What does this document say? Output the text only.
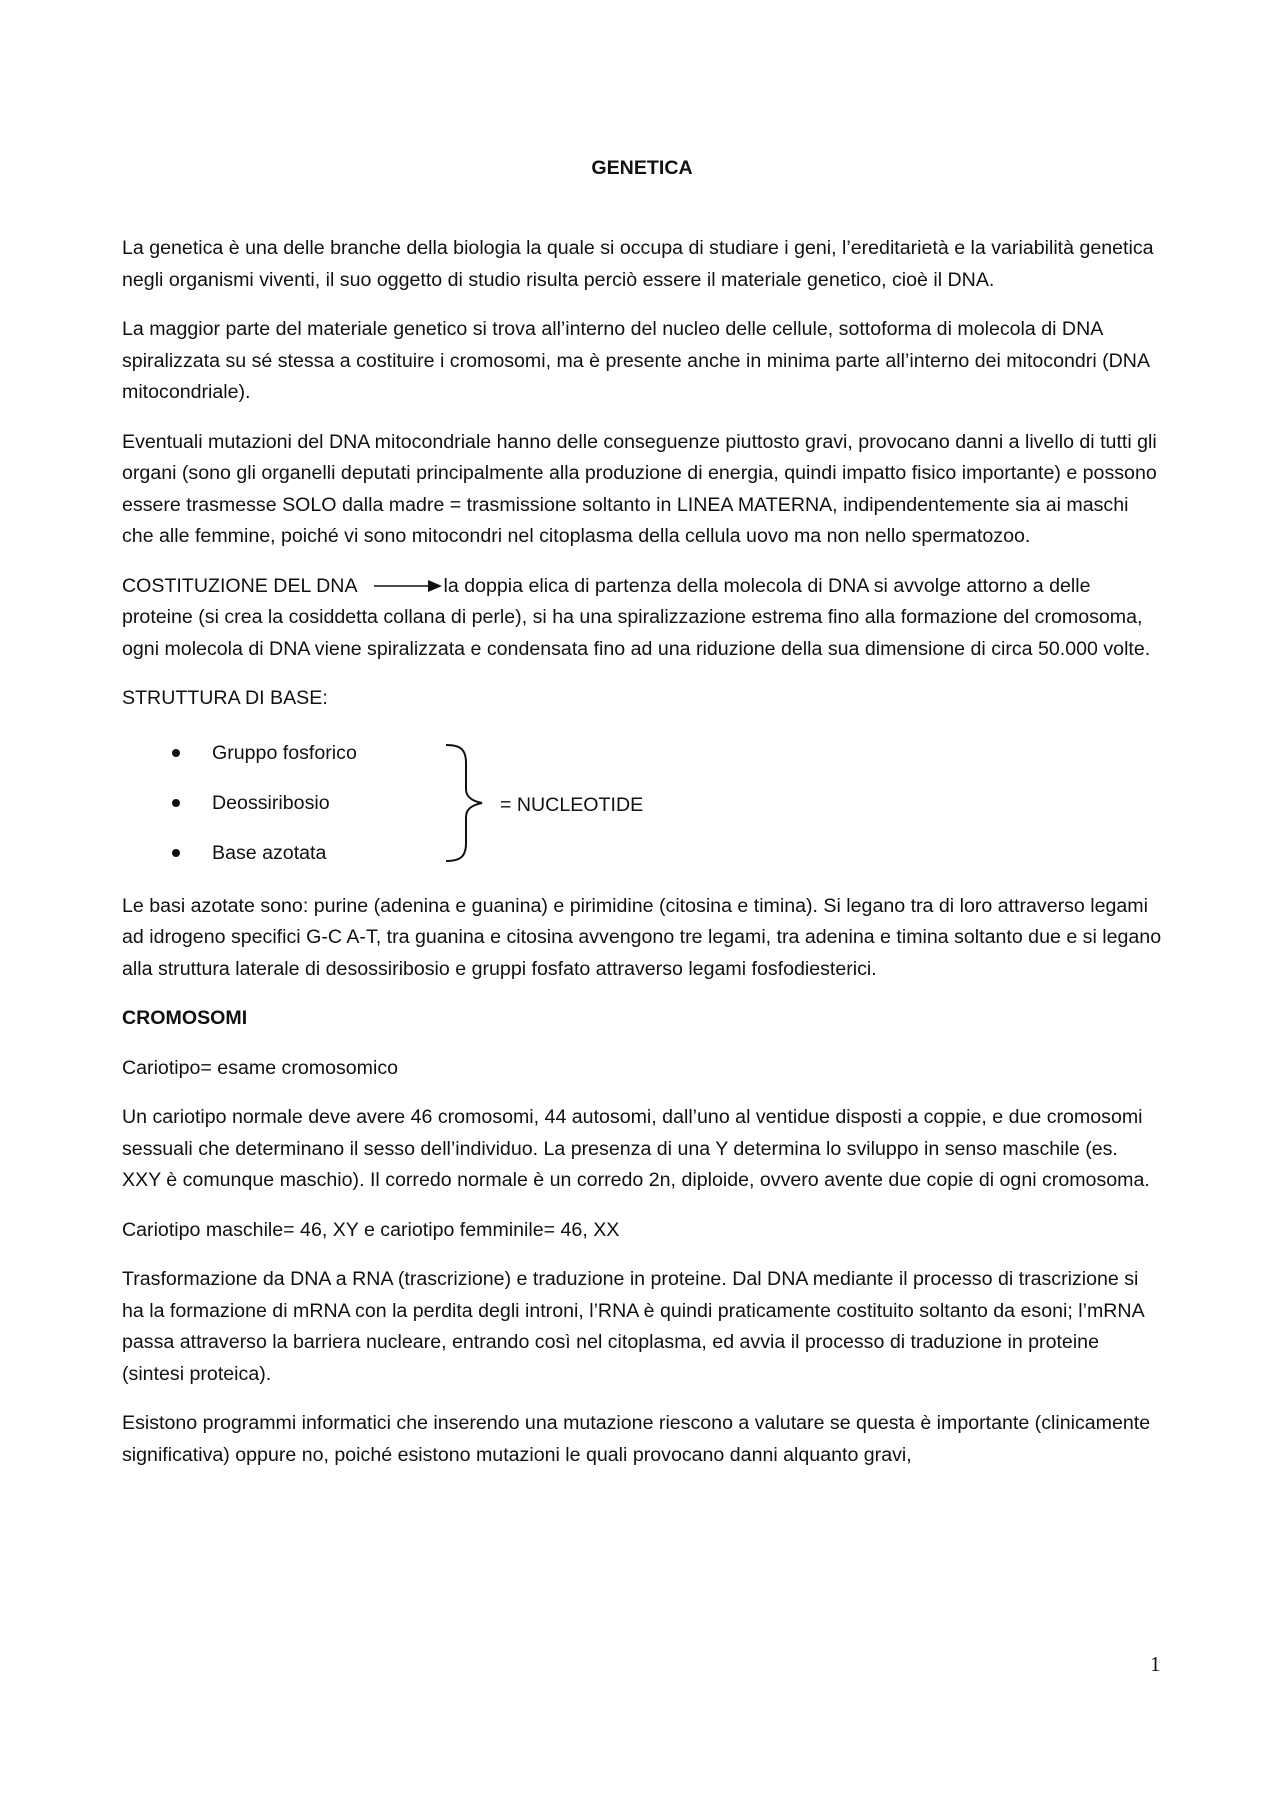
GENETICA

La genetica è una delle branche della biologia la quale si occupa di studiare i geni, l’ereditarietà e la variabilità genetica negli organismi viventi, il suo oggetto di studio risulta perciò essere il materiale genetico, cioè il DNA.

La maggior parte del materiale genetico si trova all’interno del nucleo delle cellule, sottoforma di molecola di DNA spiralizzata su sé stessa a costituire i cromosomi, ma è presente anche in minima parte all’interno dei mitocondri (DNA mitocondriale).

Eventuali mutazioni del DNA mitocondriale hanno delle conseguenze piuttosto gravi, provocano danni a livello di tutti gli organi (sono gli organelli deputati principalmente alla produzione di energia, quindi impatto fisico importante) e possono essere trasmesse SOLO dalla madre = trasmissione soltanto in LINEA MATERNA, indipendentemente sia ai maschi che alle femmine, poiché vi sono mitocondri nel citoplasma della cellula uovo ma non nello spermatozoo.

COSTITUZIONE DEL DNA	la doppia elica di partenza della molecola di DNA si avvolge attorno a delle proteine (si crea la cosiddetta collana di perle), si ha una spiralizzazione estrema fino alla formazione del cromosoma, ogni molecola di DNA viene spiralizzata e condensata fino ad una riduzione della sua dimensione di circa 50.000 volte.

STRUTTURA DI BASE:

Gruppo fosforico
Deossiribosio
Base azotata
= NUCLEOTIDE

Le basi azotate sono: purine (adenina e guanina) e pirimidine (citosina e timina). Si legano tra di loro attraverso legami ad idrogeno specifici G-C A-T, tra guanina e citosina avvengono tre legami, tra adenina e timina soltanto due e si legano alla struttura laterale di desossiribosio e gruppi fosfato attraverso legami fosfodiesterici.

CROMOSOMI

Cariotipo= esame cromosomico

Un cariotipo normale deve avere 46 cromosomi, 44 autosomi, dall’uno al ventidue disposti a coppie, e due cromosomi sessuali che determinano il sesso dell’individuo. La presenza di una Y determina lo sviluppo in senso maschile (es. XXY è comunque maschio). Il corredo normale è un corredo 2n, diploide, ovvero avente due copie di ogni cromosoma.

Cariotipo maschile= 46, XY e cariotipo femminile= 46, XX

Trasformazione da DNA a RNA (trascrizione) e traduzione in proteine. Dal DNA mediante il processo di trascrizione si ha la formazione di mRNA con la perdita degli introni, l’RNA è quindi praticamente costituito soltanto da esoni; l’mRNA passa attraverso la barriera nucleare, entrando così nel citoplasma, ed avvia il processo di traduzione in proteine (sintesi proteica).

Esistono programmi informatici che inserendo una mutazione riescono a valutare se questa è importante (clinicamente significativa) oppure no, poiché esistono mutazioni le quali provocano danni alquanto gravi,

1
